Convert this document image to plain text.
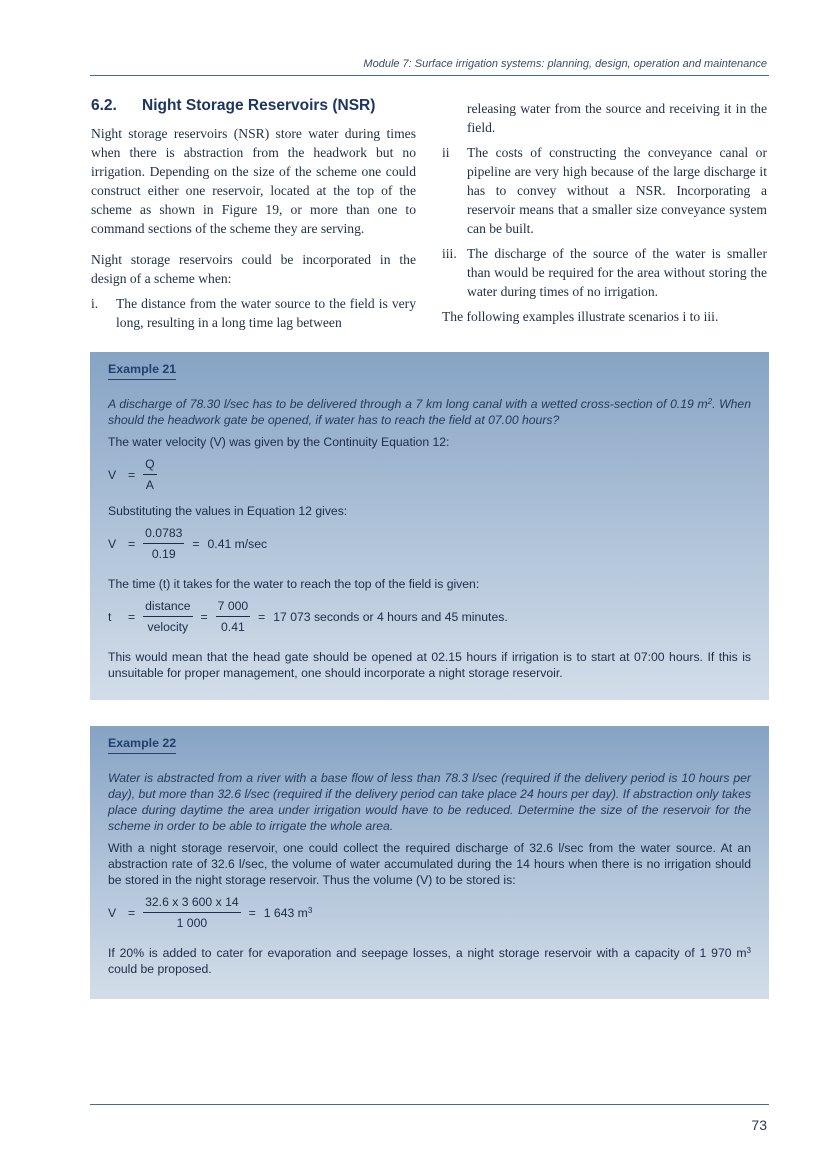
Module 7: Surface irrigation systems: planning, design, operation and maintenance
6.2.	Night Storage Reservoirs (NSR)

Night storage reservoirs (NSR) store water during times when there is abstraction from the headwork but no irrigation. Depending on the size of the scheme one could construct either one reservoir, located at the top of the scheme as shown in Figure 19, or more than one to command sections of the scheme they are serving.

Night storage reservoirs could be incorporated in the design of a scheme when:

i.	The distance from the water source to the field is very long, resulting in a long time lag between
releasing water from the source and receiving it in the field.
ii	The costs of constructing the conveyance canal or pipeline are very high because of the large discharge it has to convey without a NSR. Incorporating a reservoir means that a smaller size conveyance system can be built.
iii. The discharge of the source of the water is smaller than would be required for the area without storing the water during times of no irrigation.

The following examples illustrate scenarios i to iii.

Example 21
A discharge of 78.30 l/sec has to be delivered through a 7 km long canal with a wetted cross-section of 0.19 $m^2$. When should the headwork gate be opened, if water has to reach the field at 07.00 hours?
The water velocity (V) was given by the Continuity Equation 12:
$V = \frac{Q}{A}$
Substituting the values in Equation 12 gives:
$V = \frac{0.0783}{0.19} = 0.41$ m/sec
The time (t) it takes for the water to reach the top of the field is given:
t	= $\frac{\text{distance}}{\text{velocity}} = \frac{7 000}{0.41} = 17$ 073 seconds or 4 hours and 45 minutes.
This would mean that the head gate should be opened at 02.15 hours if irrigation is to start at 07:00 hours. If this is unsuitable for proper management, one should incorporate a night storage reservoir.
Example 22
Water is abstracted from a river with a base flow of less than 78.3 l/sec (required if the delivery period is 10 hours per day), but more than 32.6 l/sec (required if the delivery period can take place 24 hours per day). If abstraction only takes place during daytime the area under irrigation would have to be reduced. Determine the size of the reservoir for the scheme in order to be able to irrigate the whole area.
With a night storage reservoir, one could collect the required discharge of 32.6 l/sec from the water source. At an abstraction rate of 32.6 l/sec, the volume of water accumulated during the 14 hours when there is no irrigation should be stored in the night storage reservoir. Thus the volume (V) to be stored is:
$V = \frac{32.6 x 3 600 x 14}{1 000} = 1$ 643 $m^3$
If 20% is added to cater for evaporation and seepage losses, a night storage reservoir with a capacity of 1 970 $m^3$ could be proposed.
73
